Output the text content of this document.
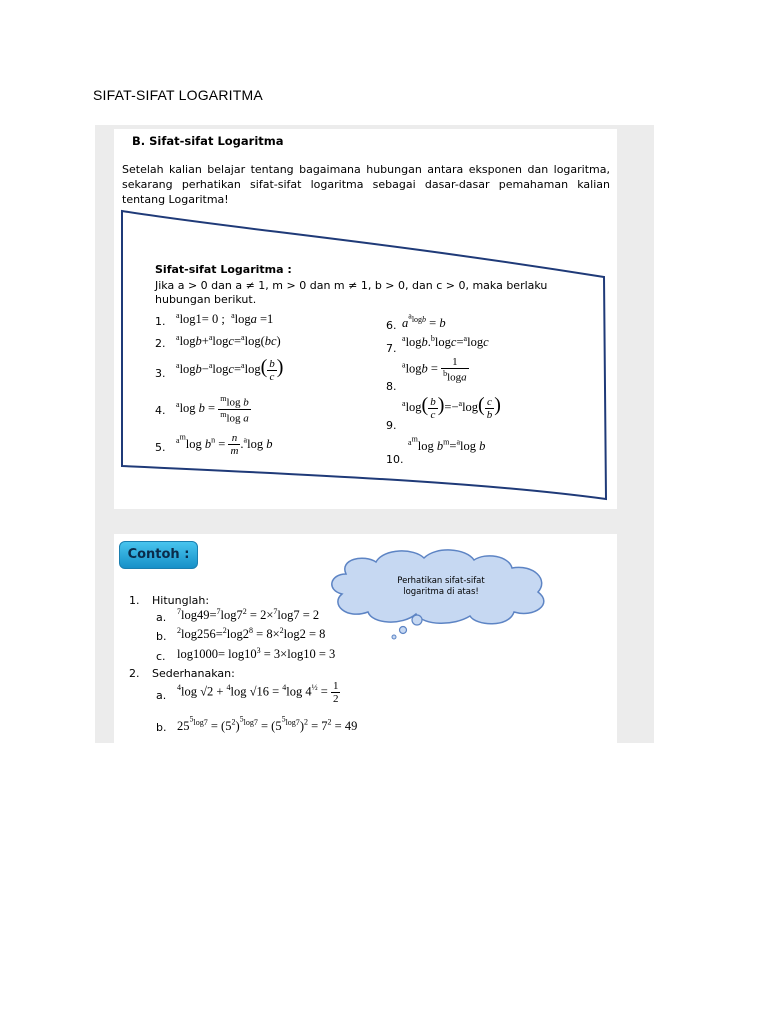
SIFAT-SIFAT LOGARITMA
B. Sifat-sifat Logaritma
Setelah kalian belajar tentang bagaimana hubungan antara eksponen dan logaritma, sekarang perhatikan sifat-sifat logaritma sebagai dasar-dasar pemahaman kalian tentang Logaritma!
Sifat-sifat Logaritma :
Jika a > 0 dan a ≠ 1, m > 0 dan m ≠ 1, b > 0, dan c > 0, maka berlaku hubungan berikut.
1. $^a$log1= 0 ;  $^a$loga =1
2. $^a$logb+$^a$logc=$^a$log(bc)
3.
$^a\log b-^a\log c=^a\log( \frac{b}{c}$ )
4. $^a$log $b = \frac{^m\log b}{^m\log a}$
5.
$^{a^m}$log $b^n = \frac{n}{m} .^a\log$ b
6. $a^{^alogb} = b$
7.
$^a$logb.$^b$logc=$^a$logc
8.
$^a\log b = \frac{1}{^b\log a}$
9.
$^a\log( \frac{b}{c} )=-^a\log( \frac{c}{b}$ )
10.
$^{a^m}$log $b^m=^a\log$ b
Contoh :
Perhatikan sifat-sifat logaritma di atas!
1. Hitunglah:
a. $^7\log 49=^7\log 7^2 = 2\times^7\log 7 = 2$
b. $^2\log 256=^2\log 2^8 = 8\times^2\log 2 = 8$
c. $\log 1000= \log 10^3 = 3\times\log 10 = 3$
2. Sederhanakan:
a.
$^4$log √2 + $^4$log √16 = $^4$log $4^{\frac{1}{2}} = \frac{1}{2}$
b. $25^{^5log7} = (5^2)^{^5log7} = (5^{^5log7})^2 = 7^2 = 49$
